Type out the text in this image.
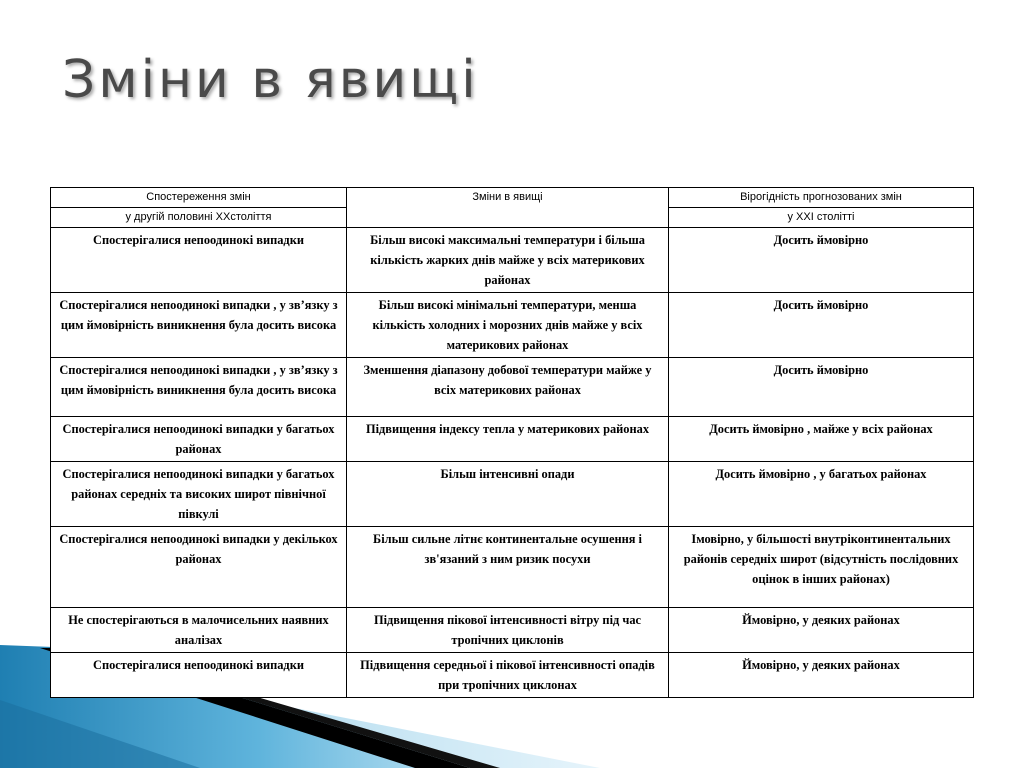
Зміни в явищі
Спостереження змін	Зміни в явищі	Вірогідність прогнозованих змін
у другій половині ХХстоліття		у ХХІ столітті
Спостерігалися непоодинокі випадки	Більш високі максимальні температури і більша кількість жарких днів майже у всіх материкових районах	Досить ймовірно
Спостерігалися непоодинокі випадки , у зв’язку з цим ймовірність виникнення була досить висока	Більш високі мінімальні температури, менша кількість холодних і морозних днів майже у всіх материкових районах	Досить ймовірно
Спостерігалися непоодинокі випадки , у зв’язку з цим ймовірність виникнення була досить висока	Зменшення діапазону добової температури майже у всіх материкових районах	Досить ймовірно
Спостерігалися непоодинокі випадки у багатьох районах	Підвищення індексу тепла у материкових районах	Досить ймовірно , майже у всіх районах
Спостерігалися непоодинокі випадки у багатьох районах середніх та високих широт північної півкулі	Більш інтенсивні опади	Досить ймовірно , у багатьох районах
Спостерігалися непоодинокі випадки у декількох районах	Більш сильне літнє континентальне осушення і зв'язаний з ним ризик посухи	Імовірно, у більшості внутріконтинентальних районів середніх широт (відсутність послідовних оцінок в інших районах)
Не спостерігаються в малочисельних наявних аналізах	Підвищення пікової інтенсивності вітру під час тропічних циклонів	Ймовірно, у деяких районах
Спостерігалися непоодинокі випадки	Підвищення середньої і пікової інтенсивності опадів при тропічних циклонах	Ймовірно, у деяких районах
